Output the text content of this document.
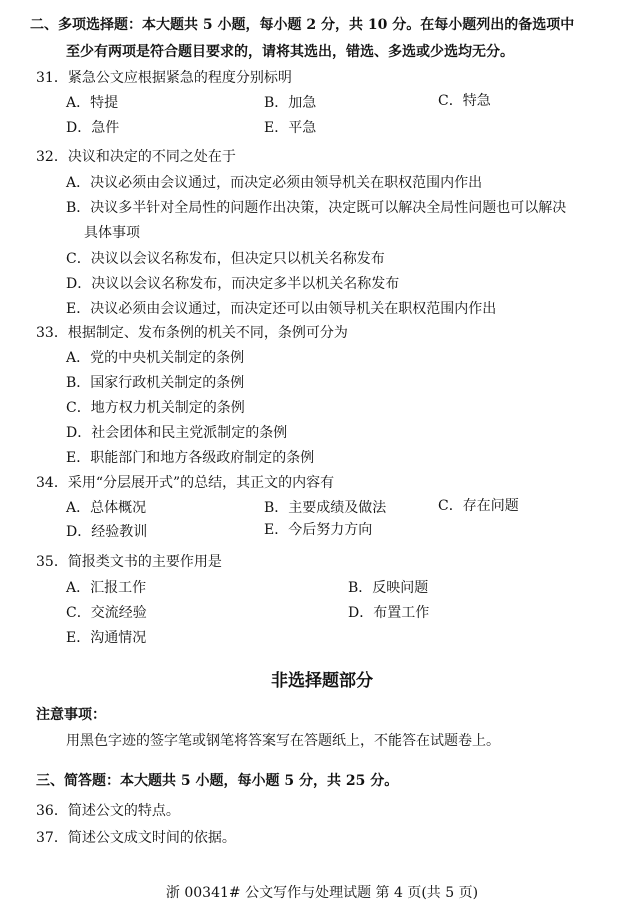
二、多项选择题：本大题共 5 小题，每小题 2 分，共 10 分。在每小题列出的备选项中
至少有两项是符合题目要求的，请将其选出，错选、多选或少选均无分。
31．紧急公文应根据紧急的程度分别标明
A．特提	B．加急	C．特急
D．急件	E．平急
32．决议和决定的不同之处在于
A．决议必须由会议通过，而决定必须由领导机关在职权范围内作出
B．决议多半针对全局性的问题作出决策，决定既可以解决全局性问题也可以解决
具体事项
C．决议以会议名称发布，但决定只以机关名称发布
D．决议以会议名称发布，而决定多半以机关名称发布
E．决议必须由会议通过，而决定还可以由领导机关在职权范围内作出
33．根据制定、发布条例的机关不同，条例可分为
A．党的中央机关制定的条例
B．国家行政机关制定的条例
C．地方权力机关制定的条例
D．社会团体和民主党派制定的条例
E．职能部门和地方各级政府制定的条例
34．采用“分层展开式”的总结，其正文的内容有
A．总体概况	B．主要成绩及做法	C．存在问题
D．经验教训	E．今后努力方向
35．简报类文书的主要作用是
A．汇报工作	B．反映问题
C．交流经验	D．布置工作
E．沟通情况
非选择题部分
注意事项：
用黑色字迹的签字笔或钢笔将答案写在答题纸上，不能答在试题卷上。
三、简答题：本大题共 5 小题，每小题 5 分，共 25 分。
36．简述公文的特点。
37．简述公文成文时间的依据。
浙 00341# 公文写作与处理试题 第 4 页(共 5 页)
